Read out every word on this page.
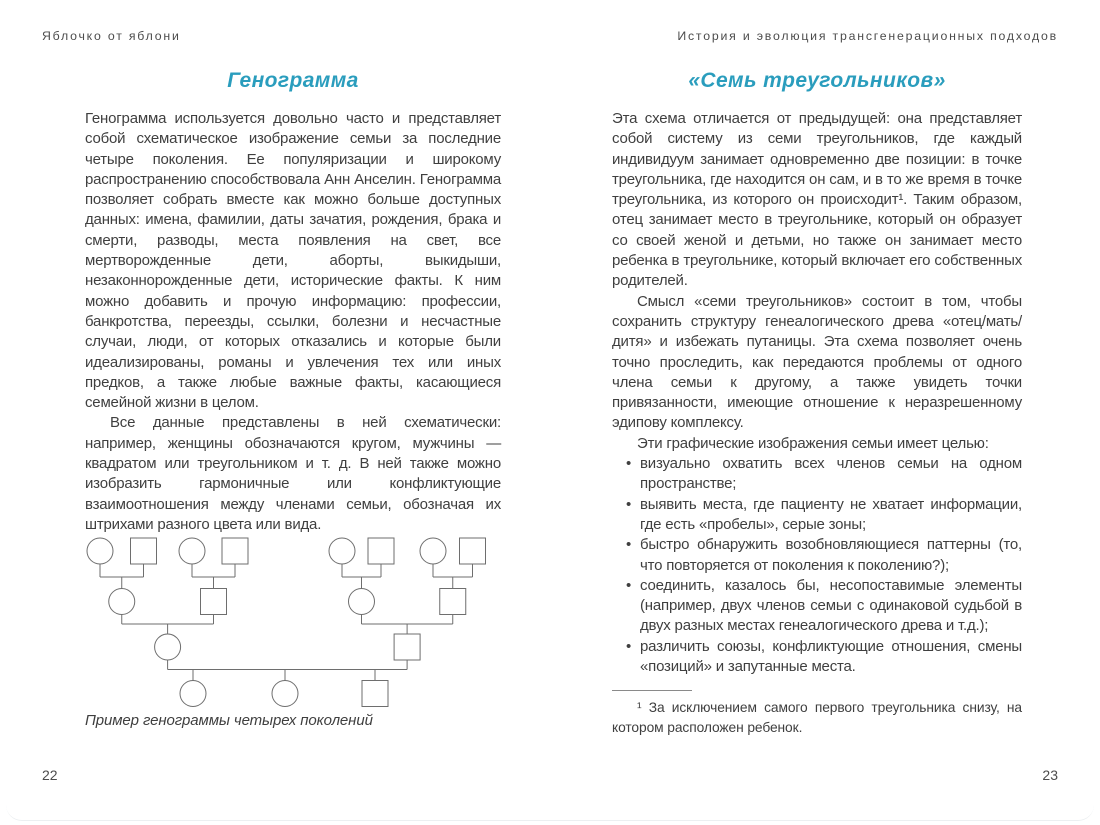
Яблочко от яблони	История и эволюция трансгенерационных подходов
Генограмма

Генограмма используется довольно часто и представляет собой схематическое изображение семьи за последние четыре поколения. Ее популяризации и широкому распространению способствовала Анн Анселин. Генограмма позволяет собрать вместе как можно больше доступных данных: имена, фамилии, даты зачатия, рождения, брака и смерти, разводы, места появления на свет, все мертворожденные дети, аборты, выкидыши, незаконнорожденные дети, исторические факты. К ним можно добавить и прочую информацию: профессии, банкротства, переезды, ссылки, болезни и несчастные случаи, люди, от которых отказались и которые были идеализированы, романы и увлечения тех или иных предков, а также любые важные факты, касающиеся семейной жизни в целом.

Все данные представлены в ней схематически: например, женщины обозначаются кругом, мужчины — квадратом или треугольником и т. д. В ней также можно изобразить гармоничные или конфликтующие взаимоотношения между членами семьи, обозначая их штрихами разного цвета или вида.

Пример генограммы четырех поколений

«Семь треугольников»

Эта схема отличается от предыдущей: она представляет собой систему из семи треугольников, где каждый индивидуум занимает одновременно две позиции: в точке треугольника, где находится он сам, и в то же время в точке треугольника, из которого он происходит¹. Таким образом, отец занимает место в треугольнике, который он образует со своей женой и детьми, но также он занимает место ребенка в треугольнике, который включает его собственных родителей.

Смысл «семи треугольников» состоит в том, чтобы сохранить структуру генеалогического древа «отец/мать/дитя» и избежать путаницы. Эта схема позволяет очень точно проследить, как передаются проблемы от одного члена семьи к другому, а также увидеть точки привязанности, имеющие отношение к неразрешенному эдипову комплексу.

Эти графические изображения семьи имеет целью:

• визуально охватить всех членов семьи на одном пространстве;
• выявить места, где пациенту не хватает информации, где есть «пробелы», серые зоны;
• быстро обнаружить возобновляющиеся паттерны (то, что повторяется от поколения к поколению?);
• соединить, казалось бы, несопоставимые элементы (например, двух членов семьи с одинаковой судьбой в двух разных местах генеалогического древа и т.д.);
• различить союзы, конфликтующие отношения, смены «позиций» и запутанные места.

¹ За исключением самого первого треугольника снизу, на котором расположен ребенок.

22	23
